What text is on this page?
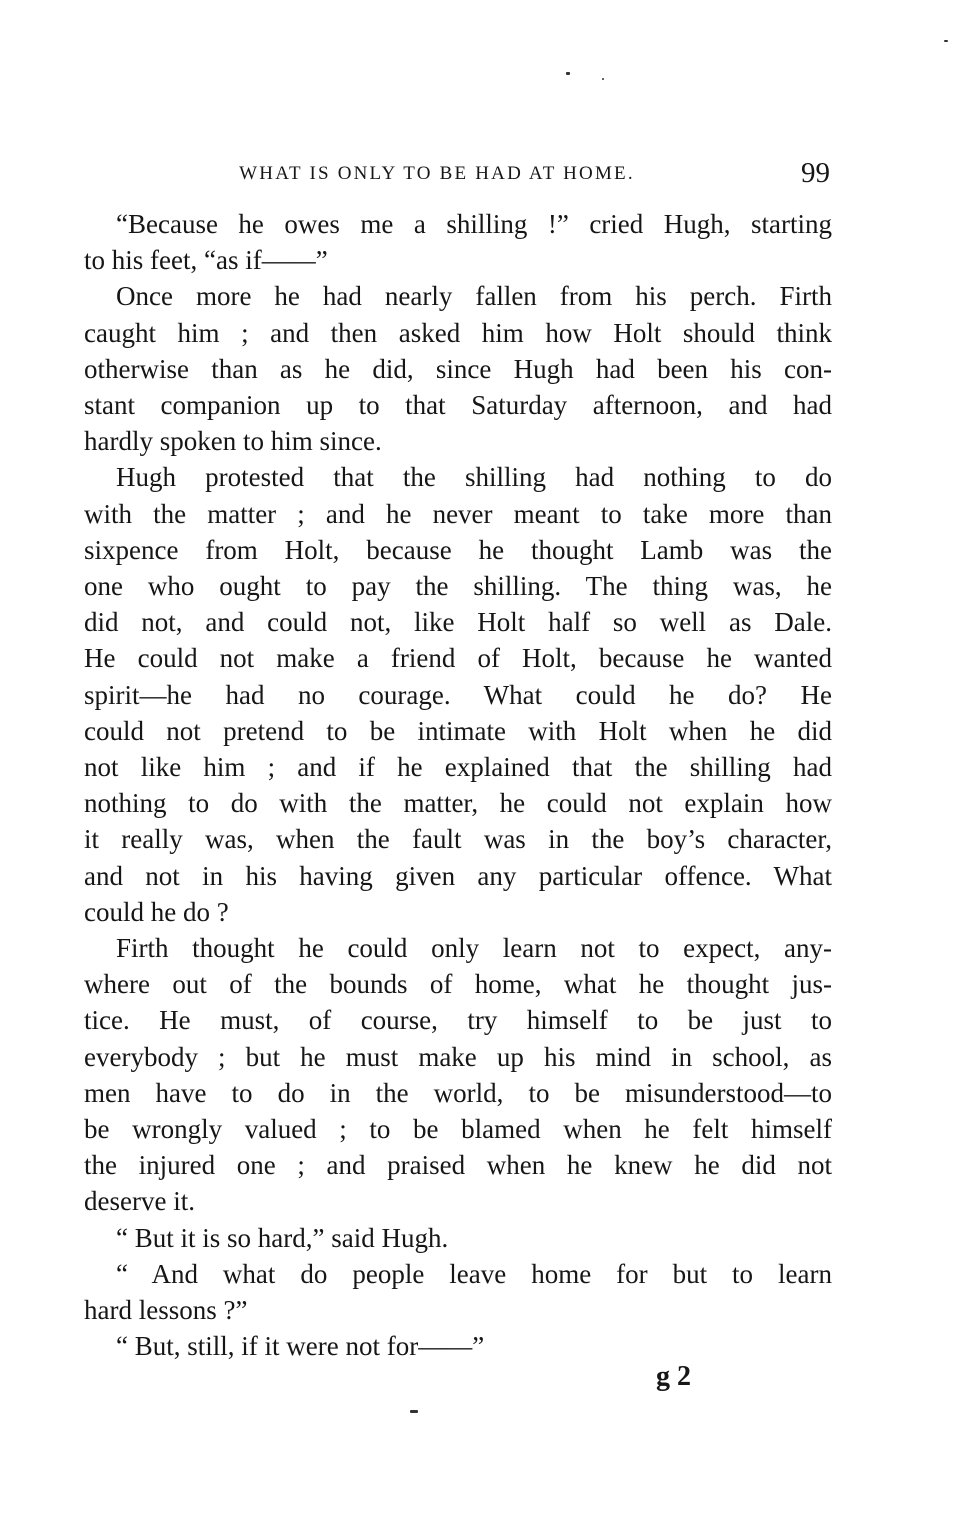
WHAT IS ONLY TO BE HAD AT HOME.	99
“Because he owes me a shilling !” cried Hugh, starting
to his feet, “as if——”
Once more he had nearly fallen from his perch. Firth
caught him ; and then asked him how Holt should think
otherwise than as he did, since Hugh had been his con-
stant companion up to that Saturday afternoon, and had
hardly spoken to him since.
Hugh protested that the shilling had nothing to do
with the matter ; and he never meant to take more than
sixpence from Holt, because he thought Lamb was the
one who ought to pay the shilling. The thing was, he
did not, and could not, like Holt half so well as Dale.
He could not make a friend of Holt, because he wanted
spirit—he had no courage. What could he do? He
could not pretend to be intimate with Holt when he did
not like him ; and if he explained that the shilling had
nothing to do with the matter, he could not explain how
it really was, when the fault was in the boy’s character,
and not in his having given any particular offence. What
could he do ?
Firth thought he could only learn not to expect, any-
where out of the bounds of home, what he thought jus-
tice. He must, of course, try himself to be just to
everybody ; but he must make up his mind in school, as
men have to do in the world, to be misunderstood—to
be wrongly valued ; to be blamed when he felt himself
the injured one ; and praised when he knew he did not
deserve it.
“ But it is so hard,” said Hugh.
“ And what do people leave home for but to learn
hard lessons ?”
“ But, still, if it were not for——”
g 2
